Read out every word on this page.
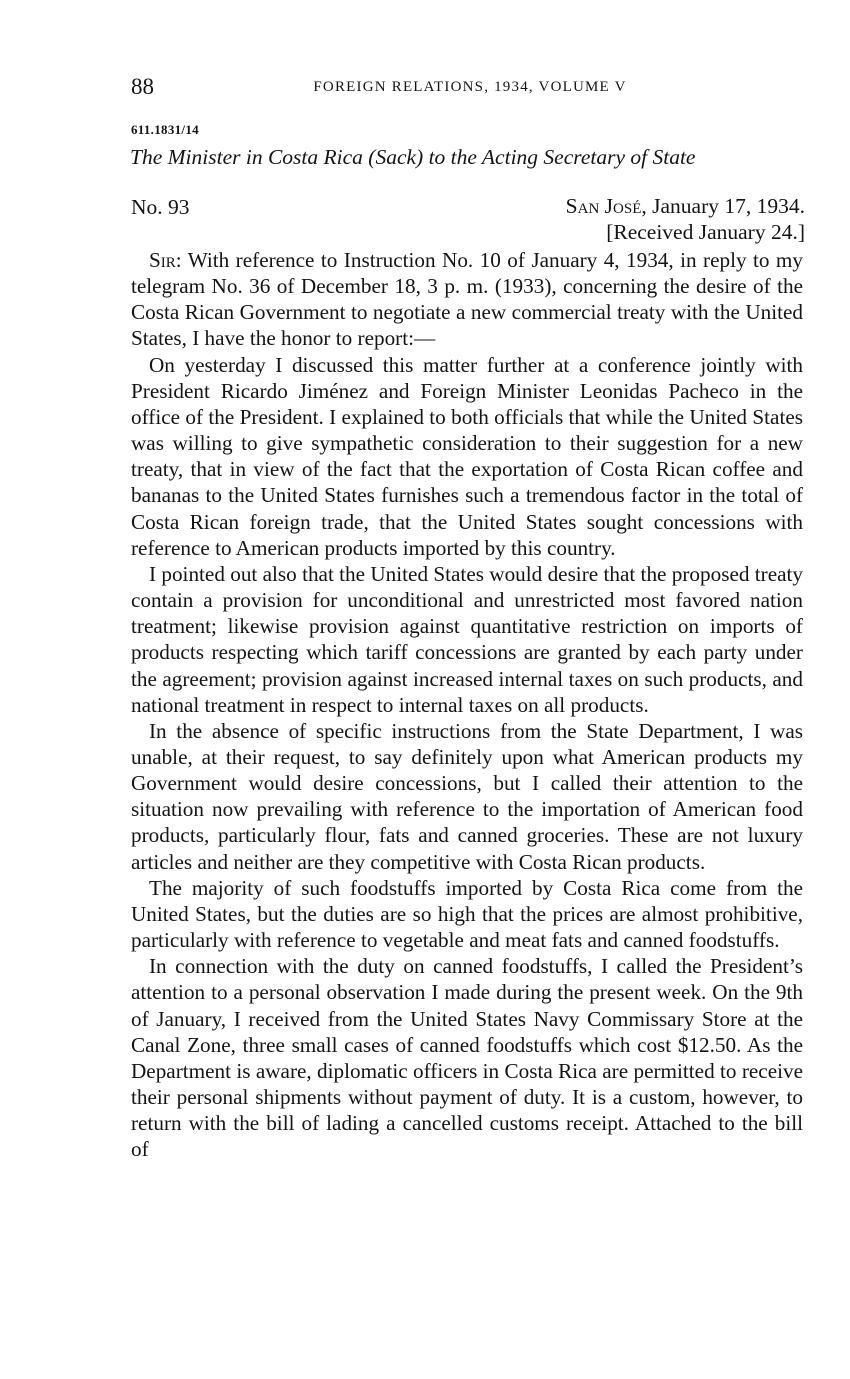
88	FOREIGN RELATIONS, 1934, VOLUME V
611.1831/14
The Minister in Costa Rica (Sack) to the Acting Secretary of State
No. 93	San José, January 17, 1934.
[Received January 24.]

Sir: With reference to Instruction No. 10 of January 4, 1934, in reply to my telegram No. 36 of December 18, 3 p. m. (1933), concerning the desire of the Costa Rican Government to negotiate a new commercial treaty with the United States, I have the honor to report:—

On yesterday I discussed this matter further at a conference jointly with President Ricardo Jiménez and Foreign Minister Leonidas Pacheco in the office of the President. I explained to both officials that while the United States was willing to give sympathetic consideration to their suggestion for a new treaty, that in view of the fact that the exportation of Costa Rican coffee and bananas to the United States furnishes such a tremendous factor in the total of Costa Rican foreign trade, that the United States sought concessions with reference to American products imported by this country.

I pointed out also that the United States would desire that the proposed treaty contain a provision for unconditional and unrestricted most favored nation treatment; likewise provision against quantitative restriction on imports of products respecting which tariff concessions are granted by each party under the agreement; provision against increased internal taxes on such products, and national treatment in respect to internal taxes on all products.

In the absence of specific instructions from the State Department, I was unable, at their request, to say definitely upon what American products my Government would desire concessions, but I called their attention to the situation now prevailing with reference to the importation of American food products, particularly flour, fats and canned groceries. These are not luxury articles and neither are they competitive with Costa Rican products.

The majority of such foodstuffs imported by Costa Rica come from the United States, but the duties are so high that the prices are almost prohibitive, particularly with reference to vegetable and meat fats and canned foodstuffs.

In connection with the duty on canned foodstuffs, I called the President’s attention to a personal observation I made during the present week. On the 9th of January, I received from the United States Navy Commissary Store at the Canal Zone, three small cases of canned foodstuffs which cost $12.50. As the Department is aware, diplomatic officers in Costa Rica are permitted to receive their personal shipments without payment of duty. It is a custom, however, to return with the bill of lading a cancelled customs receipt. Attached to the bill of
